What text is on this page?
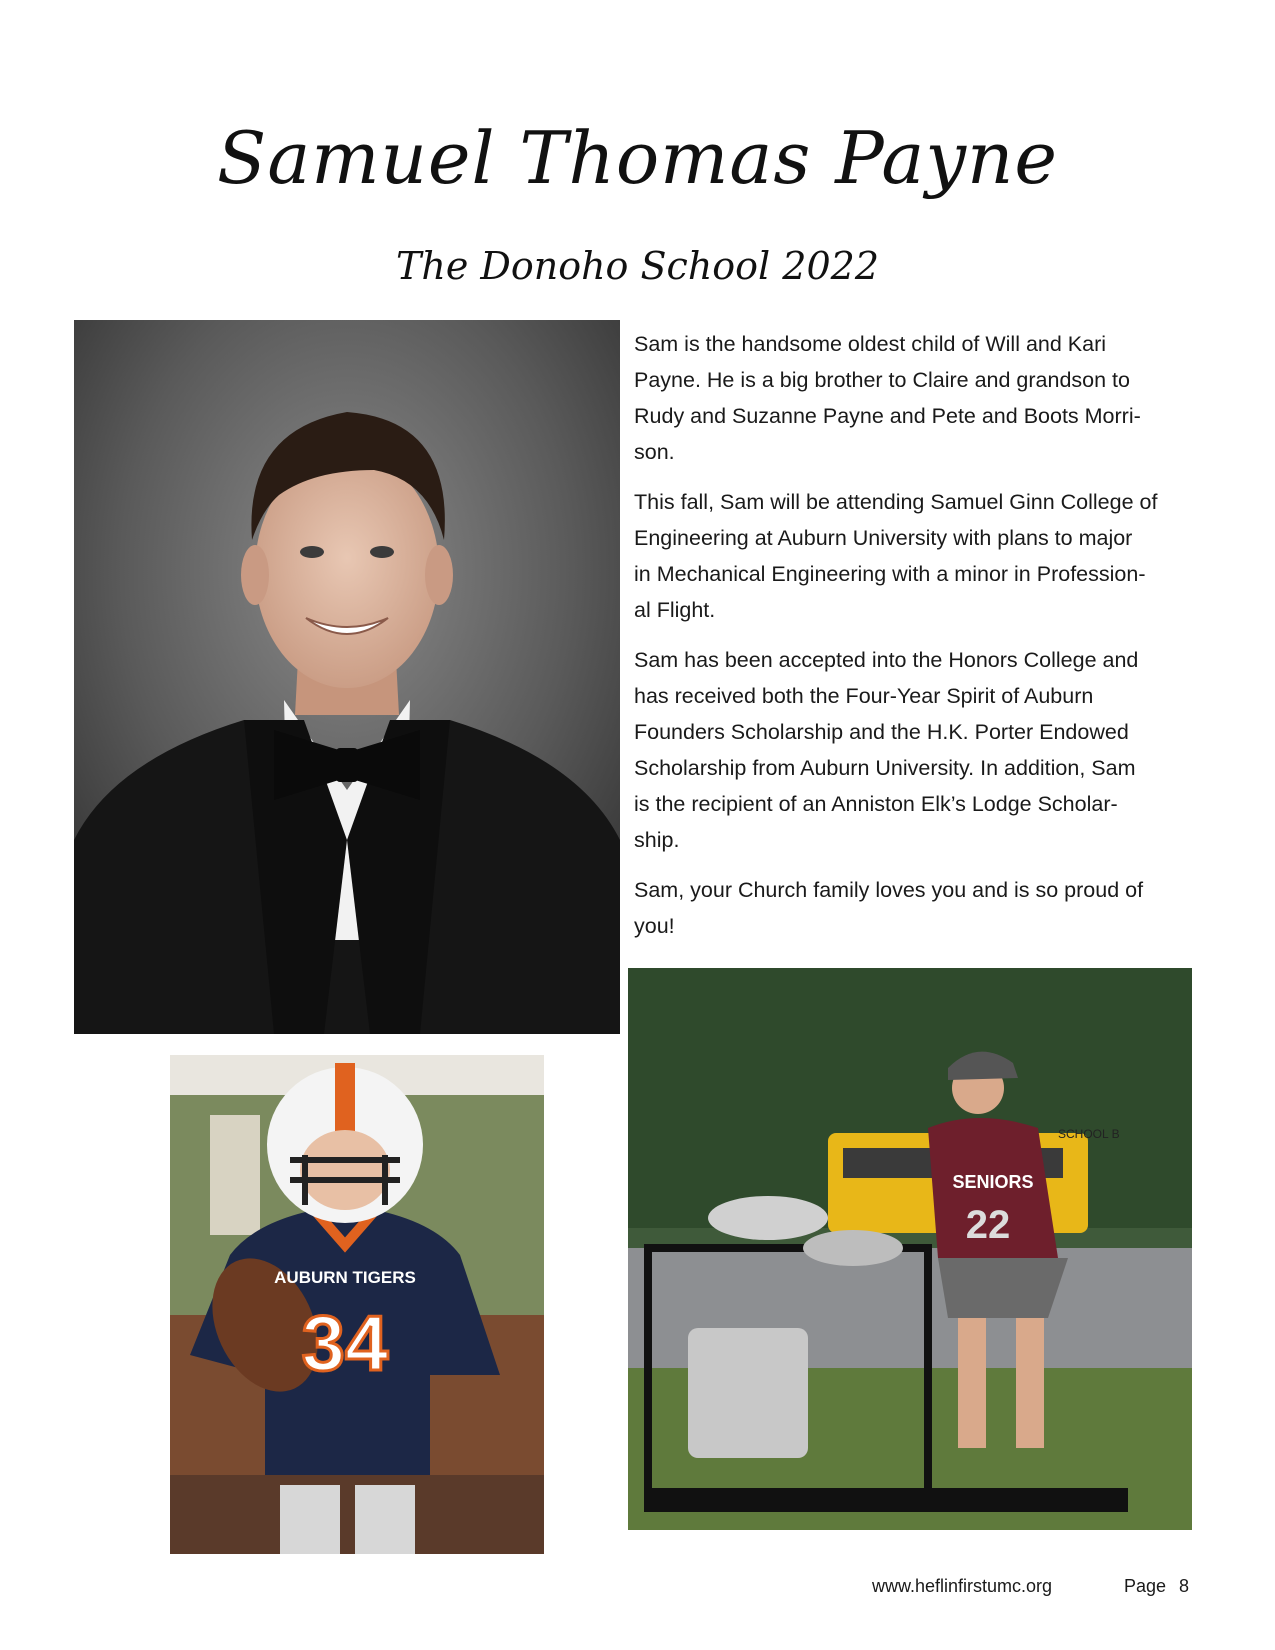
Samuel Thomas Payne
The Donoho School 2022

Sam is the handsome oldest child of Will and Kari
Payne. He is a big brother to Claire and grandson to
Rudy and Suzanne Payne and Pete and Boots Morri-
son.

This fall, Sam will be attending Samuel Ginn College of
Engineering at Auburn University with plans to major
in Mechanical Engineering with a minor in Profession-
al Flight.

Sam has been accepted into the Honors College and
has received both the Four-Year Spirit of Auburn
Founders Scholarship and the H.K. Porter Endowed
Scholarship from Auburn University. In addition, Sam
is the recipient of an Anniston Elk’s Lodge Scholar-
ship.

Sam, your Church family loves you and is so proud of
you!

AUBURN TIGERS
34
SCHOOL B
SENIORS
22
www.heflinfirstumc.org	Page 8
